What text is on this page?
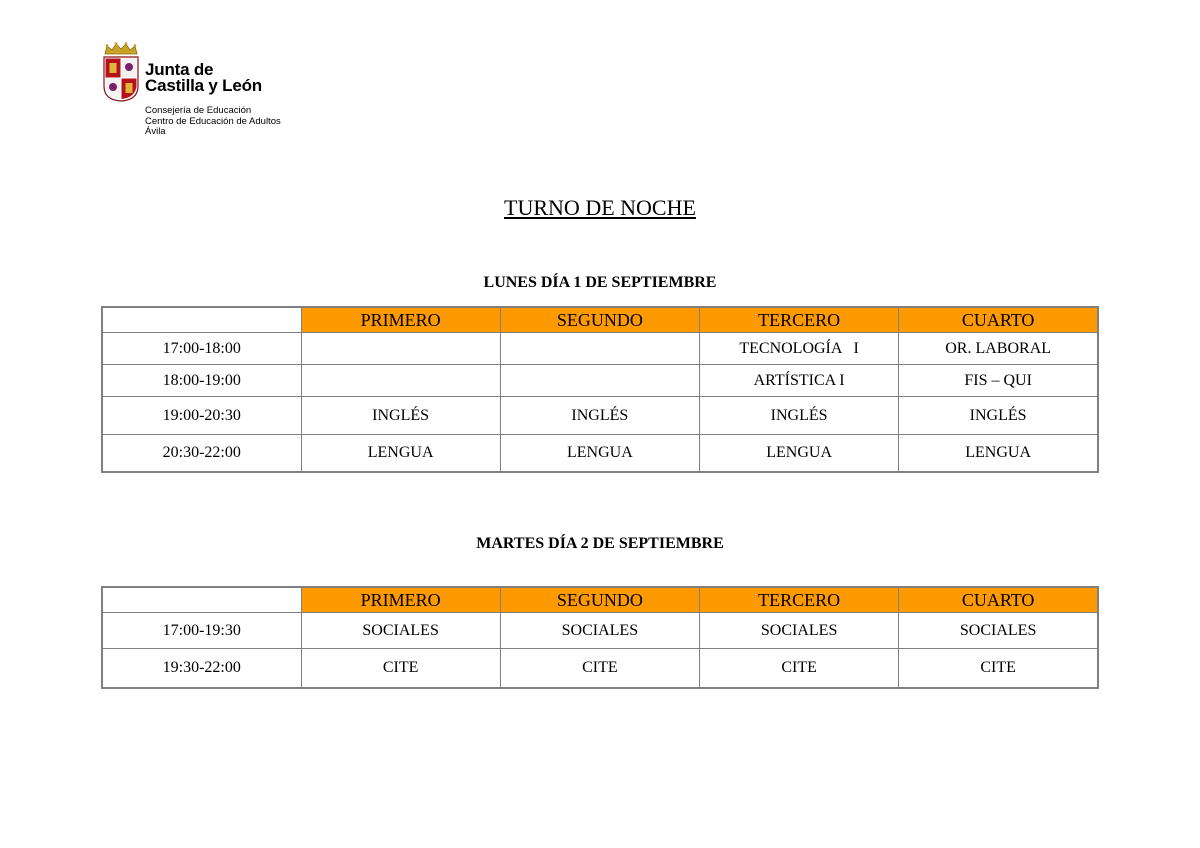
Junta de
Castilla y León
Consejería de Educación
Centro de Educación de Adultos
Ávila
TURNO DE NOCHE
LUNES DÍA 1 DE SEPTIEMBRE
	PRIMERO	SEGUNDO	TERCERO	CUARTO
17:00-18:00			TECNOLOGÍA   I	OR. LABORAL
18:00-19:00			ARTÍSTICA I	FIS – QUI
19:00-20:30	INGLÉS	INGLÉS	INGLÉS	INGLÉS
20:30-22:00	LENGUA	LENGUA	LENGUA	LENGUA
MARTES DÍA 2 DE SEPTIEMBRE
	PRIMERO	SEGUNDO	TERCERO	CUARTO
17:00-19:30	SOCIALES	SOCIALES	SOCIALES	SOCIALES
19:30-22:00	CITE	CITE	CITE	CITE
